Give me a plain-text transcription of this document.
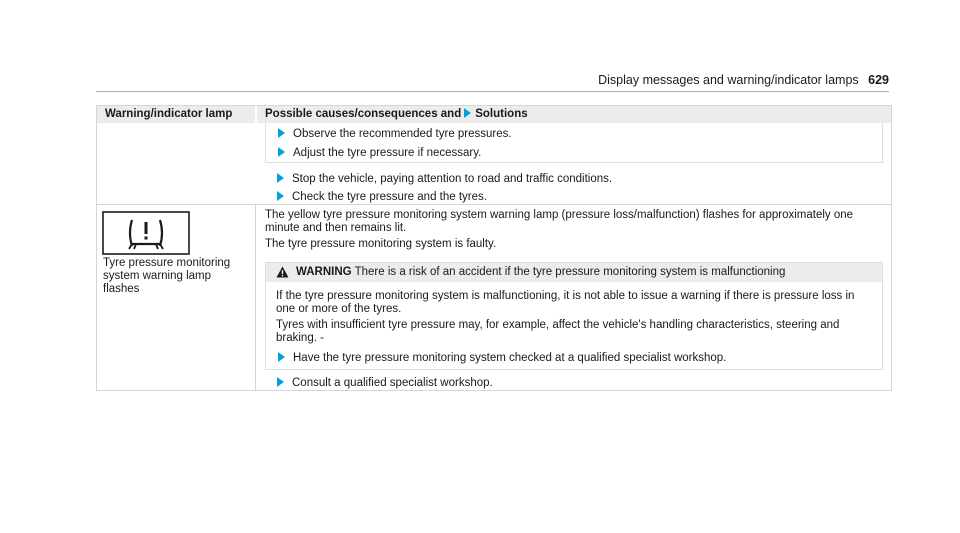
Display messages and warning/indicator lamps 629
Warning/indicator lamp	Possible causes/consequences and Solutions
Observe the recommended tyre pressures.
Adjust the tyre pressure if necessary.
Stop the vehicle, paying attention to road and traffic conditions.
Check the tyre pressure and the tyres.
Tyre pressure monitoring
system warning lamp
flashes
The yellow tyre pressure monitoring system warning lamp (pressure loss/malfunction) flashes for approximately one
minute and then remains lit.
The tyre pressure monitoring system is faulty.
WARNING There is a risk of an accident if the tyre pressure monitoring system is malfunctioning
If the tyre pressure monitoring system is malfunctioning, it is not able to issue a warning if there is pressure loss in
one or more of the tyres.
Tyres with insufficient tyre pressure may, for example, affect the vehicle's handling characteristics, steering and
braking. -
Have the tyre pressure monitoring system checked at a qualified specialist workshop.
Consult a qualified specialist workshop.
